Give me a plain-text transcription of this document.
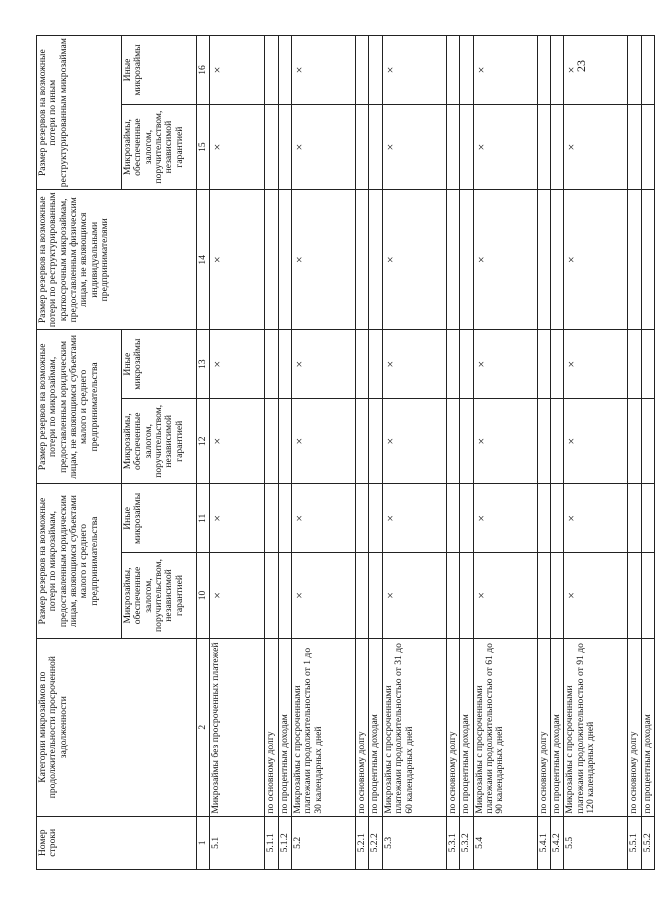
Номер строки	Категории микрозаймов по продолжительности просроченной задолженности	Размер резервов на возможные потери по микрозаймам, предоставленным юридическим лицам, являющимся субъектами малого и среднего предпринимательства		Размер резервов на возможные потери по микрозаймам, предоставленным юридическим лицам, не являющимся субъектами малого и среднего предпринимательства		Размер резервов на возможные потери по реструктурированным краткосрочным микрозаймам, предоставленным физическим лицам, не являющимся индивидуальными предпринимателями	Размер резервов на возможные потери по иным реструктурированным микрозаймам	
		Микрозаймы, обеспеченные залогом, поручительством, независимой гарантией	Иные микрозаймы	Микрозаймы, обеспеченные залогом, поручительством, независимой гарантией	Иные микрозаймы		Микрозаймы, обеспеченные залогом, поручительством, независимой гарантией	Иные микрозаймы
1	2	10	11	12	13	14	15	16
5.1	Микрозаймы без просроченных платежей	×	×	×	×	×	×	×
5.1.1	по основному долгу							
5.1.2	по процентным доходам							
5.2	Микрозаймы с просроченными платежами продолжительностью от 1 до 30 календарных дней	×	×	×	×	×	×	×
5.2.1	по основному долгу							
5.2.2	по процентным доходам							
5.3	Микрозаймы с просроченными платежами продолжительностью от 31 до 60 календарных дней	×	×	×	×	×	×	×
5.3.1	по основному долгу							
5.3.2	по процентным доходам							
5.4	Микрозаймы с просроченными платежами продолжительностью от 61 до 90 календарных дней	×	×	×	×	×	×	×
5.4.1	по основному долгу							
5.4.2	по процентным доходам							
5.5	Микрозаймы с просроченными платежами продолжительностью от 91 до 120 календарных дней	×	×	×	×	×	×	×
5.5.1	по основному долгу							
5.5.2	по процентным доходам							
23
